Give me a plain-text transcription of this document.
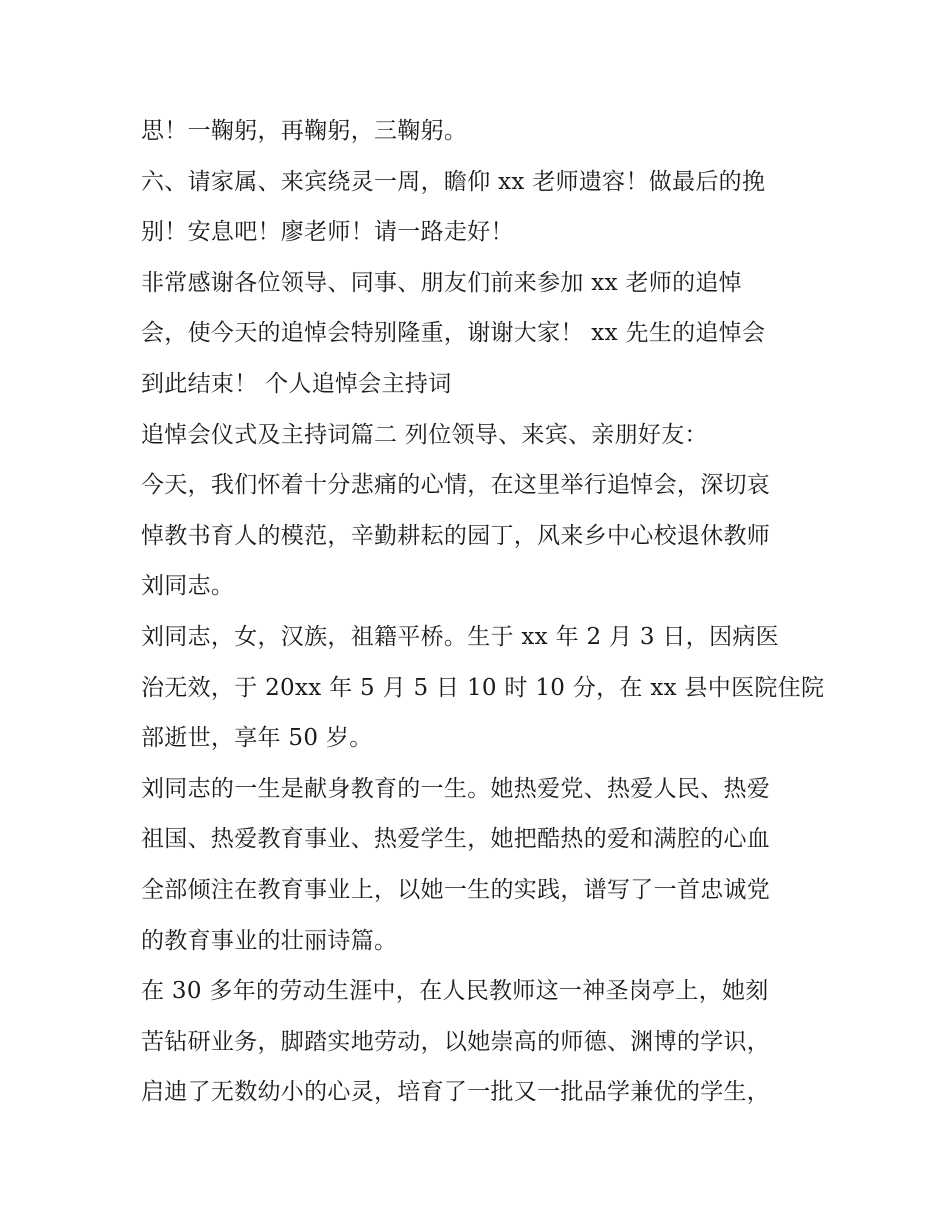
思！一鞠躬，再鞠躬，三鞠躬。
六、请家属、来宾绕灵一周，瞻仰 xx 老师遗容！做最后的挽
别！安息吧！廖老师！请一路走好！
非常感谢各位领导、同事、朋友们前来参加 xx 老师的追悼
会，使今天的追悼会特别隆重，谢谢大家！ xx 先生的追悼会
到此结束！ 个人追悼会主持词
追悼会仪式及主持词篇二 列位领导、来宾、亲朋好友：
今天，我们怀着十分悲痛的心情，在这里举行追悼会，深切哀
悼教书育人的模范，辛勤耕耘的园丁，风来乡中心校退休教师
刘同志。
刘同志，女，汉族，祖籍平桥。生于 xx 年 2 月 3 日，因病医
治无效，于 20xx 年 5 月 5 日 10 时 10 分，在 xx 县中医院住院
部逝世，享年 50 岁。
刘同志的一生是献身教育的一生。她热爱党、热爱人民、热爱
祖国、热爱教育事业、热爱学生，她把酷热的爱和满腔的心血
全部倾注在教育事业上，以她一生的实践，谱写了一首忠诚党
的教育事业的壮丽诗篇。
在 30 多年的劳动生涯中，在人民教师这一神圣岗亭上，她刻
苦钻研业务，脚踏实地劳动，以她崇高的师德、渊博的学识，
启迪了无数幼小的心灵，培育了一批又一批品学兼优的学生，
